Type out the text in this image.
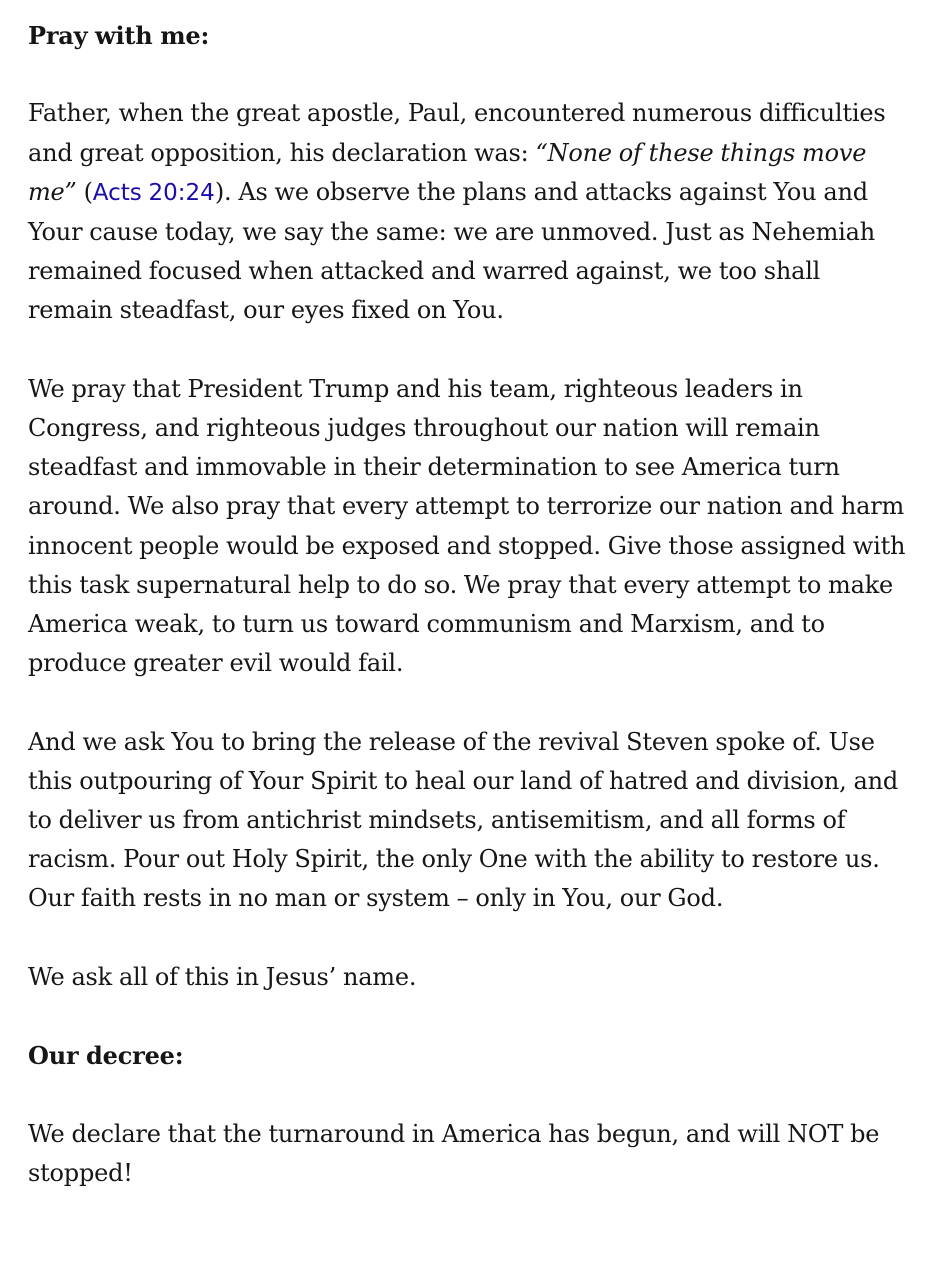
Pray with me:

Father, when the great apostle, Paul, encountered numerous difficulties and great opposition, his declaration was: “None of these things move me” (Acts 20:24). As we observe the plans and attacks against You and Your cause today, we say the same: we are unmoved. Just as Nehemiah remained focused when attacked and warred against, we too shall remain steadfast, our eyes fixed on You.

We pray that President Trump and his team, righteous leaders in Congress, and righteous judges throughout our nation will remain steadfast and immovable in their determination to see America turn around. We also pray that every attempt to terrorize our nation and harm innocent people would be exposed and stopped. Give those assigned with this task supernatural help to do so. We pray that every attempt to make America weak, to turn us toward communism and Marxism, and to produce greater evil would fail.

And we ask You to bring the release of the revival Steven spoke of. Use this outpouring of Your Spirit to heal our land of hatred and division, and to deliver us from antichrist mindsets, antisemitism, and all forms of racism. Pour out Holy Spirit, the only One with the ability to restore us. Our faith rests in no man or system – only in You, our God.

We ask all of this in Jesus’ name.

Our decree:

We declare that the turnaround in America has begun, and will NOT be stopped!
